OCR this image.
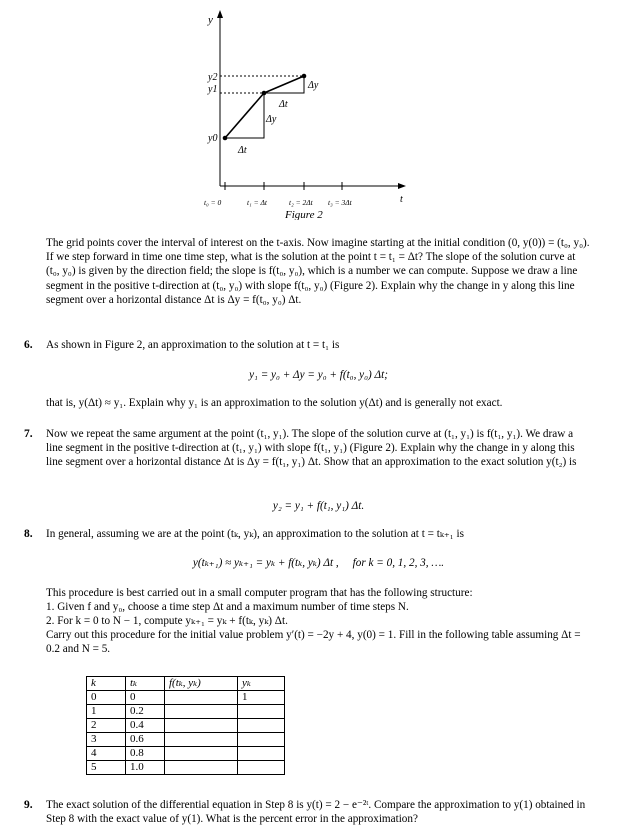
y
t
y2
y1
y0
Δt
Δy
Δt
Δy
t₀ = 0	t₁ = Δt	t₂ = 2Δt t₃ = 3Δt
Figure 2
The grid points cover the interval of interest on the t-axis. Now imagine starting at the initial condition (0, y(0)) = (t₀, y₀). If we step forward in time one time step, what is the solution at the point t = t₁ = Δt? The slope of the solution curve at (t₀, y₀) is given by the direction field; the slope is f(t₀, y₀), which is a number we can compute. Suppose we draw a line segment in the positive t-direction at (t₀, y₀) with slope f(t₀, y₀) (Figure 2). Explain why the change in y along this line segment over a horizontal distance Δt is Δy = f(t₀, y₀) Δt.
6. As shown in Figure 2, an approximation to the solution at t = t₁ is
y₁ = y₀ + Δy = y₀ + f(t₀, y₀) Δt;
that is, y(Δt) ≈ y₁. Explain why y₁ is an approximation to the solution y(Δt) and is generally not exact.
7. Now we repeat the same argument at the point (t₁, y₁). The slope of the solution curve at (t₁, y₁) is f(t₁, y₁). We draw a line segment in the positive t-direction at (t₁, y₁) with slope f(t₁, y₁) (Figure 2). Explain why the change in y along this line segment over a horizontal distance Δt is Δy = f(t₁, y₁) Δt. Show that an approximation to the exact solution y(t₂) is
y₂ = y₁ + f(t₁, y₁) Δt.
8. In general, assuming we are at the point (tₖ, yₖ), an approximation to the solution at t = tₖ₊₁ is
y(tₖ₊₁) ≈ yₖ₊₁ = yₖ + f(tₖ, yₖ) Δt ,     for k = 0, 1, 2, 3, ….
This procedure is best carried out in a small computer program that has the following structure:
1. Given f and y₀, choose a time step Δt and a maximum number of time steps N.
2. For k = 0 to N − 1, compute yₖ₊₁ = yₖ + f(tₖ, yₖ) Δt.
Carry out this procedure for the initial value problem y′(t) = −2y + 4, y(0) = 1. Fill in the following table assuming Δt = 0.2 and N = 5.
k	tₖ	f(tₖ, yₖ)	yₖ
0	0		1
1	0.2		
2	0.4		
3	0.6		
4	0.8		
5	1.0		
9. The exact solution of the differential equation in Step 8 is y(t) = 2 − e⁻²ᵗ. Compare the approximation to y(1) obtained in Step 8 with the exact value of y(1). What is the percent error in the approximation?
